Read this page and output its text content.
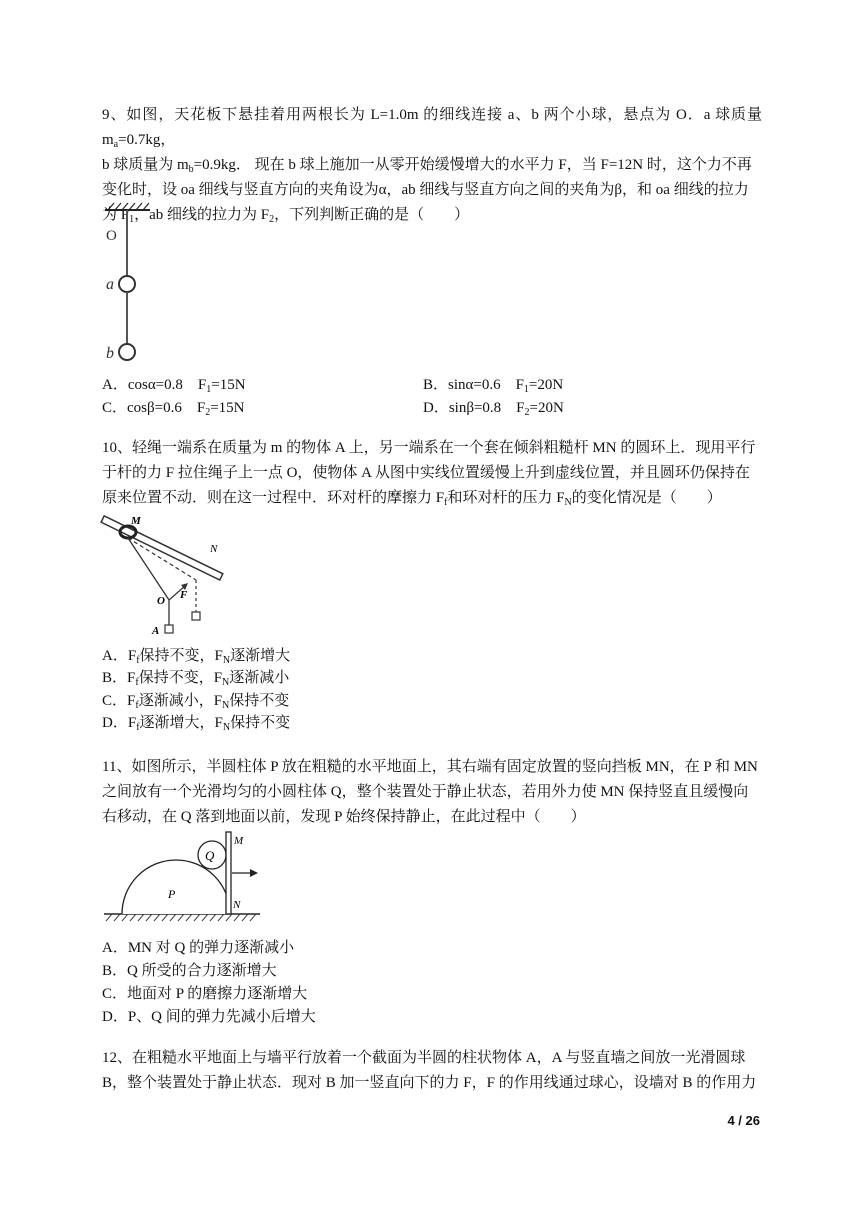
9、如图，天花板下悬挂着用两根长为 L=1.0m 的细线连接 a、b 两个小球，悬点为 O．a 球质量 $m_a=0.7kg$，

b 球质量为 $m_b=0.9kg$． 现在 b 球上施加一从零开始缓慢增大的水平力 F，当 F=12N 时，这个力不再

变化时，设 oa 细线与竖直方向的夹角设为α，ab 细线与竖直方向之间的夹角为β，和 oa 细线的拉力

为 $F_1$，ab 细线的拉力为 $F_2$，下列判断正确的是（　　）

O
a
b
A．cosα=0.8　$F_1=15N$	B．sinα=0.6　$F_1=20N$
C．cosβ=0.6　$F_2=15N$	D．sinβ=0.8　$F_2=20N$

10、轻绳一端系在质量为 m 的物体 A 上，另一端系在一个套在倾斜粗糙杆 MN 的圆环上．现用平行

于杆的力 F 拉住绳子上一点 O，使物体 A 从图中实线位置缓慢上升到虚线位置，并且圆环仍保持在

原来位置不动．则在这一过程中．环对杆的摩擦力 $F_f$和环对杆的压力 $F_N$的变化情况是（　　）

M
N
O F
A
A．$F_f$保持不变，$F_N$逐渐增大
B．$F_f$保持不变，$F_N$逐渐减小
C．$F_f$逐渐减小，$F_N$保持不变
D．$F_f$逐渐增大，$F_N$保持不变

11、如图所示，半圆柱体 P 放在粗糙的水平地面上，其右端有固定放置的竖向挡板 MN，在 P 和 MN

之间放有一个光滑均匀的小圆柱体 Q，整个装置处于静止状态，若用外力使 MN 保持竖直且缓慢向

右移动，在 Q 落到地面以前，发现 P 始终保持静止，在此过程中（　　）

Q
M
P
N
A．MN 对 Q 的弹力逐渐减小
B．Q 所受的合力逐渐增大
C．地面对 P 的磨擦力逐渐增大
D．P、Q 间的弹力先减小后增大

12、在粗糙水平地面上与墙平行放着一个截面为半圆的柱状物体 A，A 与竖直墙之间放一光滑圆球

B，整个装置处于静止状态．现对 B 加一竖直向下的力 F，F 的作用线通过球心，设墙对 B 的作用力

4 / 26
